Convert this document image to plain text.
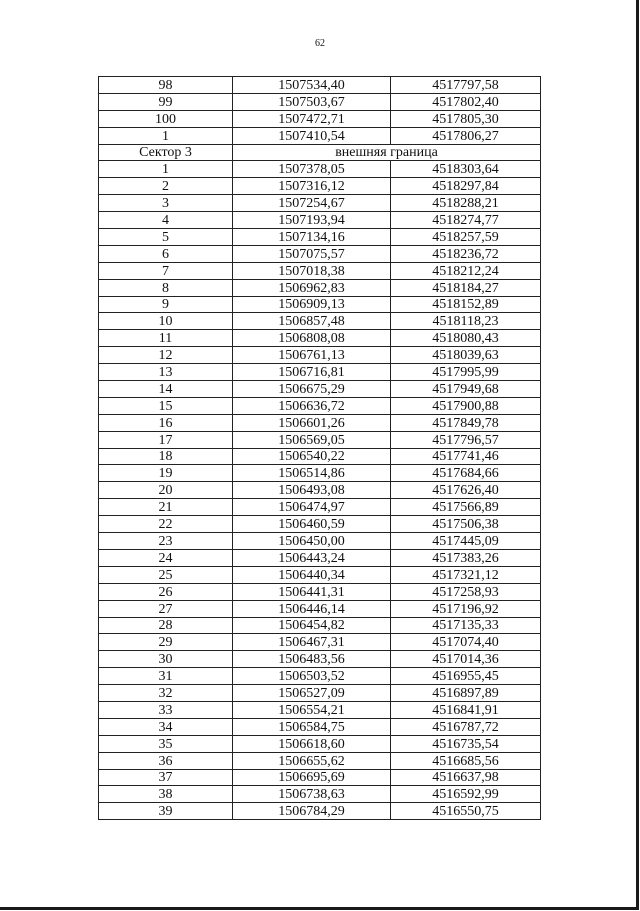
62
98	1507534,40	4517797,58
99	1507503,67	4517802,40
100	1507472,71	4517805,30
1	1507410,54	4517806,27
Сектор 3	внешняя граница	
1	1507378,05	4518303,64
2	1507316,12	4518297,84
3	1507254,67	4518288,21
4	1507193,94	4518274,77
5	1507134,16	4518257,59
6	1507075,57	4518236,72
7	1507018,38	4518212,24
8	1506962,83	4518184,27
9	1506909,13	4518152,89
10	1506857,48	4518118,23
11	1506808,08	4518080,43
12	1506761,13	4518039,63
13	1506716,81	4517995,99
14	1506675,29	4517949,68
15	1506636,72	4517900,88
16	1506601,26	4517849,78
17	1506569,05	4517796,57
18	1506540,22	4517741,46
19	1506514,86	4517684,66
20	1506493,08	4517626,40
21	1506474,97	4517566,89
22	1506460,59	4517506,38
23	1506450,00	4517445,09
24	1506443,24	4517383,26
25	1506440,34	4517321,12
26	1506441,31	4517258,93
27	1506446,14	4517196,92
28	1506454,82	4517135,33
29	1506467,31	4517074,40
30	1506483,56	4517014,36
31	1506503,52	4516955,45
32	1506527,09	4516897,89
33	1506554,21	4516841,91
34	1506584,75	4516787,72
35	1506618,60	4516735,54
36	1506655,62	4516685,56
37	1506695,69	4516637,98
38	1506738,63	4516592,99
39	1506784,29	4516550,75
